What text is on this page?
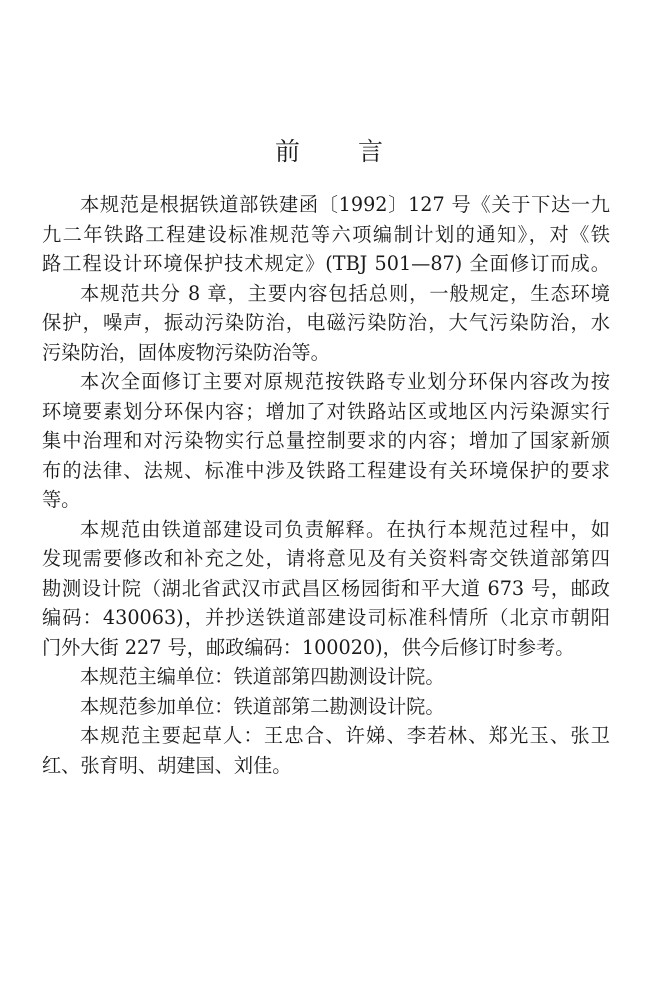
前 言
本规范是根据铁道部铁建函〔1992〕127 号《关于下达一九
九二年铁路工程建设标准规范等六项编制计划的通知》，对《铁
路工程设计环境保护技术规定》(TBJ 501—87) 全面修订而成。
本规范共分 8 章，主要内容包括总则，一般规定，生态环境
保护，噪声，振动污染防治，电磁污染防治，大气污染防治，水
污染防治，固体废物污染防治等。
本次全面修订主要对原规范按铁路专业划分环保内容改为按
环境要素划分环保内容；增加了对铁路站区或地区内污染源实行
集中治理和对污染物实行总量控制要求的内容；增加了国家新颁
布的法律、法规、标准中涉及铁路工程建设有关环境保护的要求
等。
本规范由铁道部建设司负责解释。在执行本规范过程中，如
发现需要修改和补充之处，请将意见及有关资料寄交铁道部第四
勘测设计院（湖北省武汉市武昌区杨园街和平大道 673 号，邮政
编码：430063)，并抄送铁道部建设司标准科情所（北京市朝阳
门外大街 227 号，邮政编码：100020)，供今后修订时参考。
本规范主编单位：铁道部第四勘测设计院。
本规范参加单位：铁道部第二勘测设计院。
本规范主要起草人：王忠合、许娣、李若林、郑光玉、张卫
红、张育明、胡建国、刘佳。
